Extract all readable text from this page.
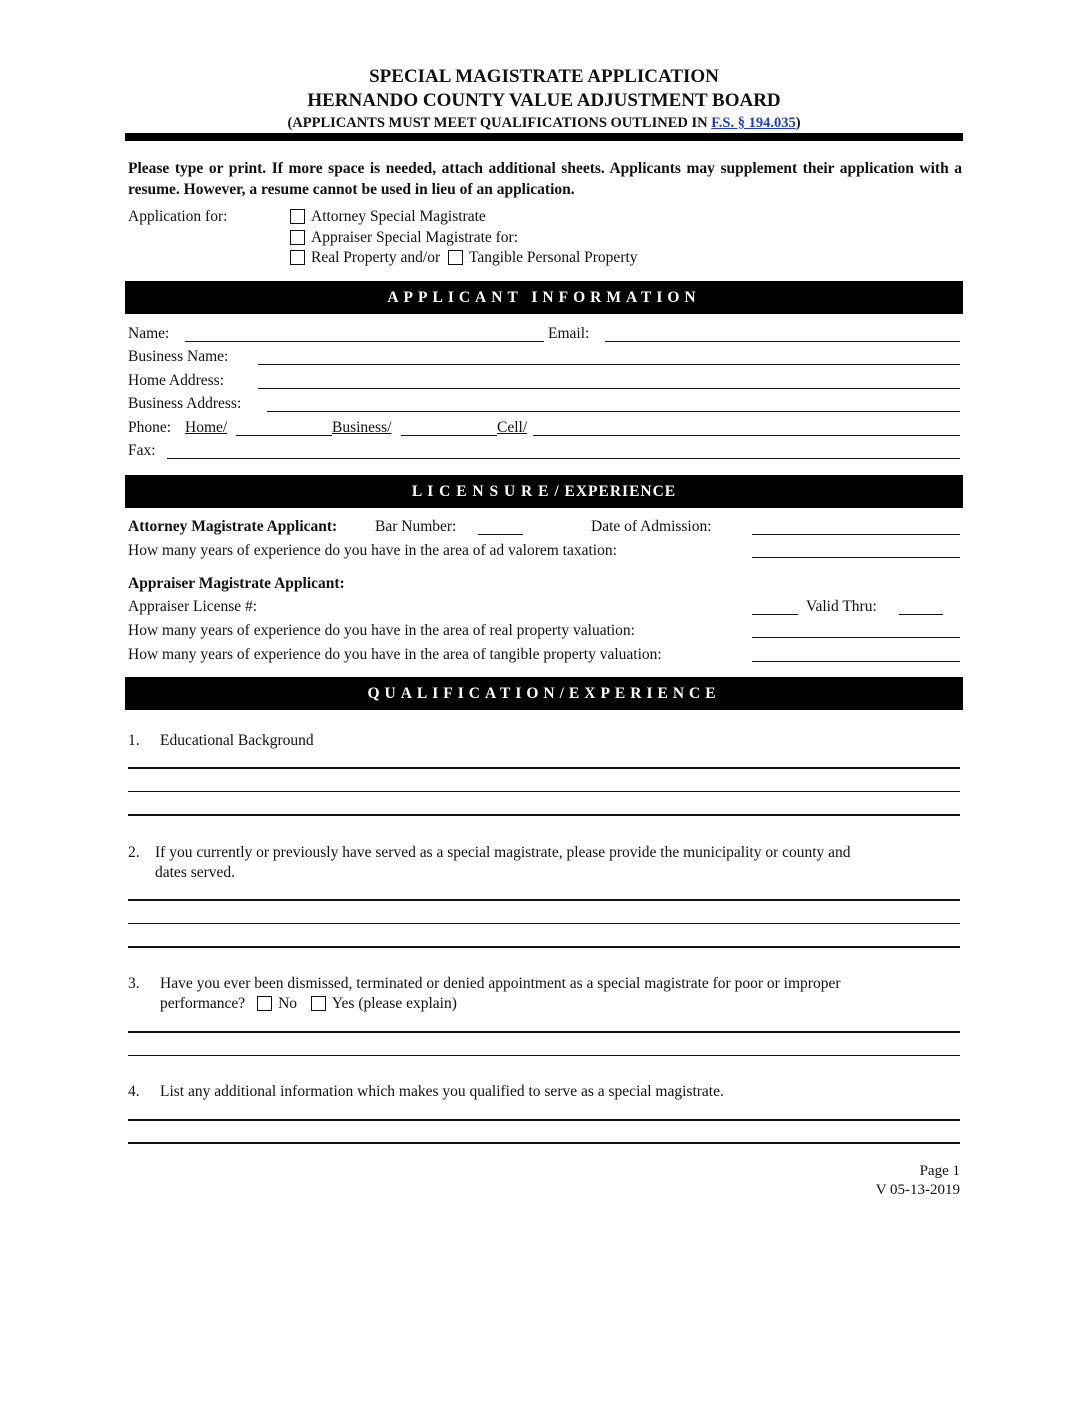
SPECIAL MAGISTRATE APPLICATION
HERNANDO COUNTY VALUE ADJUSTMENT BOARD
(APPLICANTS MUST MEET QUALIFICATIONS OUTLINED IN F.S. § 194.035)
Please type or print. If more space is needed, attach additional sheets. Applicants may supplement their application with a resume. However, a resume cannot be used in lieu of an application.
Application for:	Attorney Special Magistrate
Appraiser Special Magistrate for:
Real Property and/or Tangible Personal Property
APPLICANT INFORMATION
Name:	Email:
Business Name:
Home Address:
Business Address:
Phone: Home/	Business/	Cell/
Fax:
L I C E N S U R E / EXPERIENCE
Attorney Magistrate Applicant: Bar Number:	Date of Admission:
How many years of experience do you have in the area of ad valorem taxation:
Appraiser Magistrate Applicant:
Appraiser License #:	Valid Thru:
How many years of experience do you have in the area of real property valuation:
How many years of experience do you have in the area of tangible property valuation:
QUALIFICATION/EXPERIENCE
1. Educational Background
2. If you currently or previously have served as a special magistrate, please provide the municipality or county and
dates served.
3. Have you ever been dismissed, terminated or denied appointment as a special magistrate for poor or improper
performance? No Yes (please explain)
4. List any additional information which makes you qualified to serve as a special magistrate.
Page 1
V 05-13-2019
